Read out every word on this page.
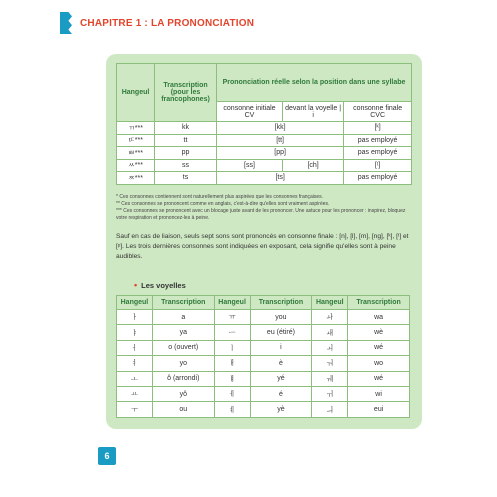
CHAPITRE 1 : LA PRONONCIATION
Hangeul	Transcription (pour les francophones)	Prononciation réelle selon la position dans une syllabe		
		consonne initiale CV	devant la voyelle | i	consonne finale CVC
ㄲ***	kk	[kk]		[ᵏ]
ㄸ***	tt	[tt]		pas employé
ㅃ***	pp	[pp]		pas employé
ㅆ***	ss	[ss]	[ch]	[ᵗ]
ㅉ***	ts	[ts]		pas employé
* Ces consonnes contiennent sont naturellement plus aspirées que les consonnes françaises.
** Ces consonnes se prononcent comme en anglais, c'est-à-dire qu'elles sont vraiment aspirées.
*** Ces consonnes se prononcent avec un blocage juste avant de les prononcer. Une astuce pour les prononcer : inspirez, bloquez votre respiration et prononcez-les à peine.

Sauf en cas de liaison, seuls sept sons sont prononcés en consonne finale : [n], [l], [m], [ng], [ᵏ], [ᵗ] et [ᵖ]. Les trois dernières consonnes sont indiquées en exposant, cela signifie qu'elles sont à peine audibles.

• Les voyelles
Hangeul	Transcription	Hangeul	Transcription	Hangeul	Transcription
ㅏ	a	ㅠ	you	ㅘ	wa
ㅑ	ya	ㅡ	eu (étiré)	ㅙ	wè
ㅓ	o (ouvert)	ㅣ	i	ㅚ	wé
ㅕ	yo	ㅐ	è	ㅝ	wo
ㅗ	ô (arrondi)	ㅒ	yé	ㅞ	wé
ㅛ	yô	ㅔ	é	ㅟ	wi
ㅜ	ou	ㅖ	yè	ㅢ	eui
6
